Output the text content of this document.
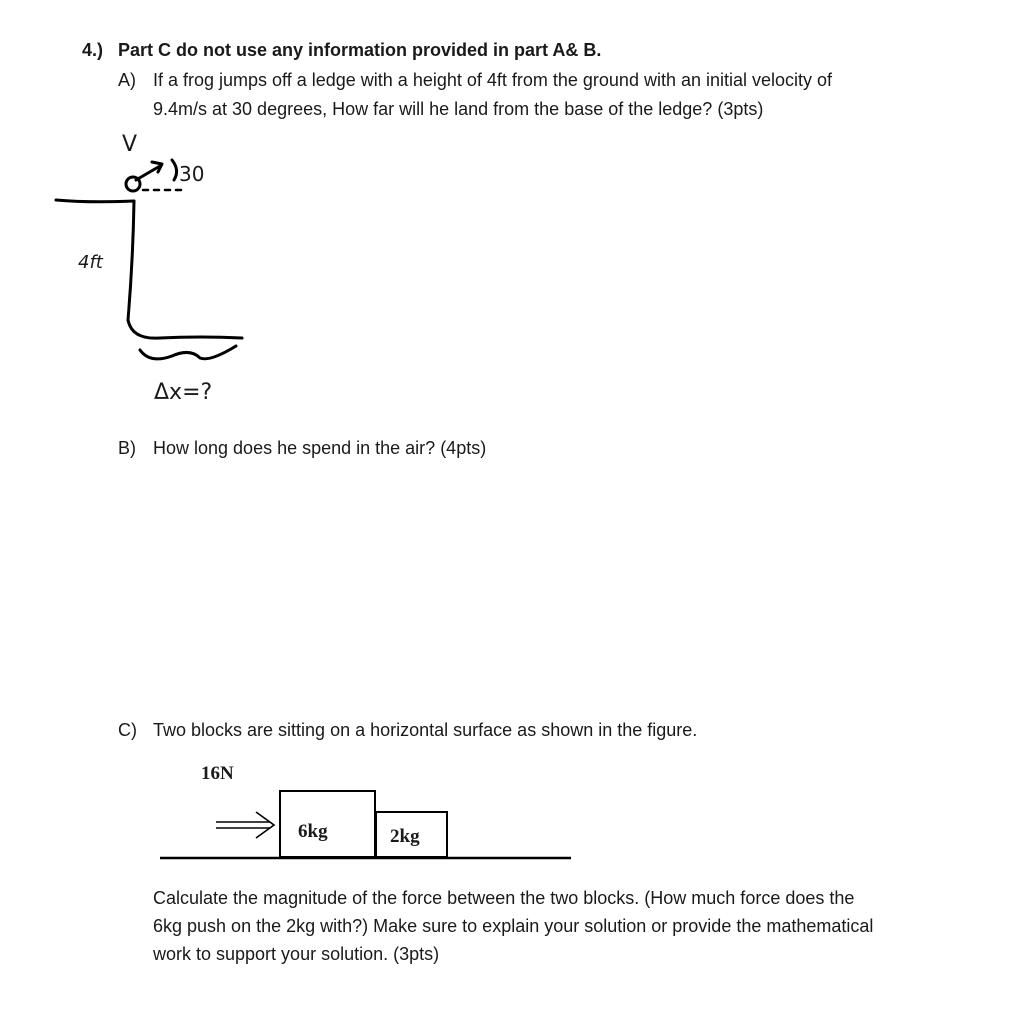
4.) Part C do not use any information provided in part A& B.
A) If a frog jumps off a ledge with a height of 4ft from the ground with an initial velocity of
9.4m/s at 30 degrees, How far will he land from the base of the ledge? (3pts)
V
30
4ft
Δx=?
B) How long does he spend in the air? (4pts)
C) Two blocks are sitting on a horizontal surface as shown in the figure.
16N
6kg	2kg
Calculate the magnitude of the force between the two blocks. (How much force does the
6kg push on the 2kg with?) Make sure to explain your solution or provide the mathematical
work to support your solution. (3pts)
